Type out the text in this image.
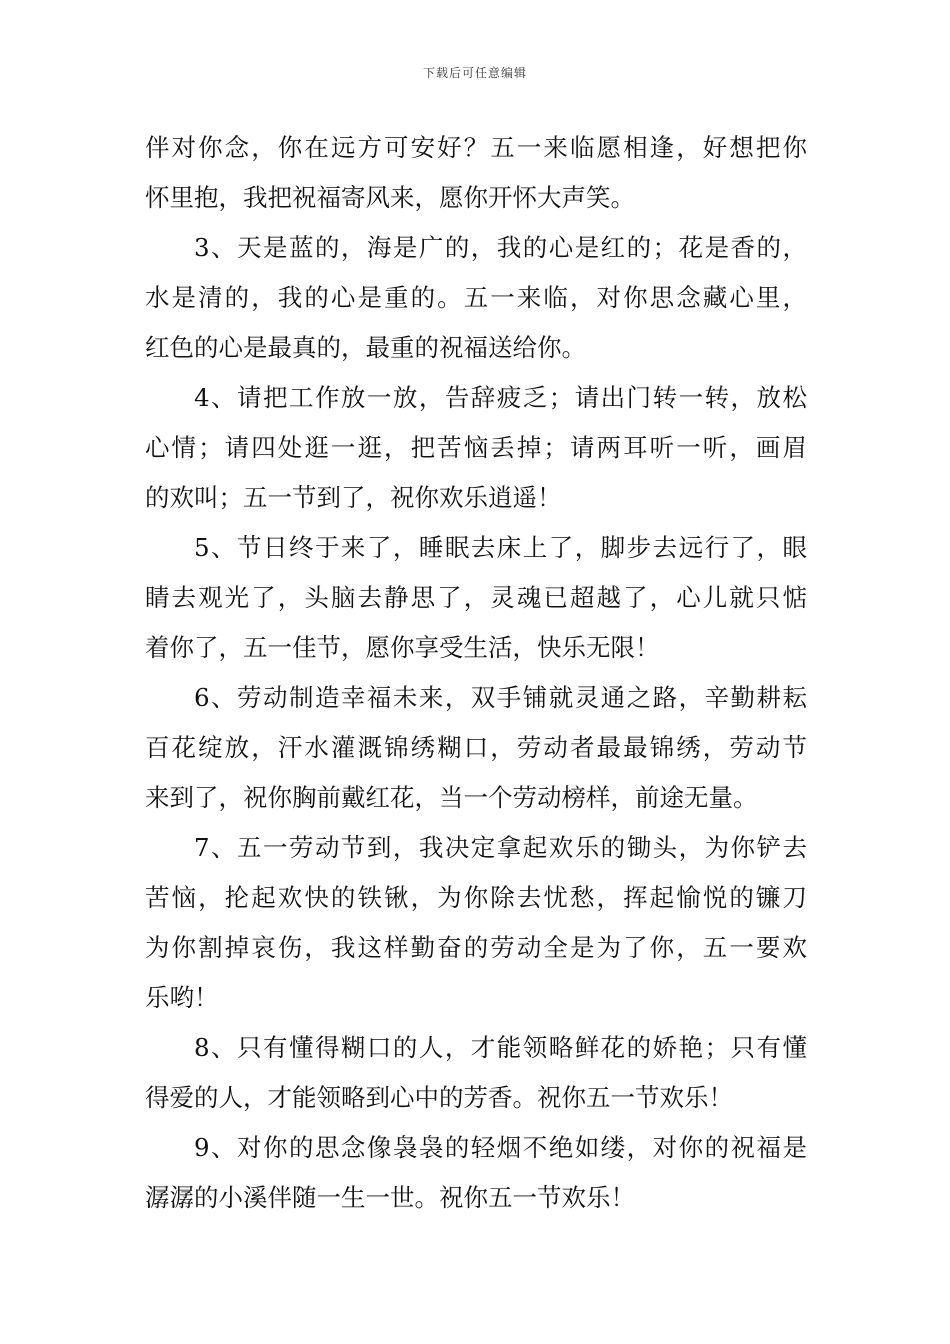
下载后可任意编辑
伴对你念，你在远方可安好？五一来临愿相逢，好想把你
怀里抱，我把祝福寄风来，愿你开怀大声笑。
3、天是蓝的，海是广的，我的心是红的；花是香的，
水是清的，我的心是重的。五一来临，对你思念藏心里，
红色的心是最真的，最重的祝福送给你。
4、请把工作放一放，告辞疲乏；请出门转一转，放松
心情；请四处逛一逛，把苦恼丢掉；请两耳听一听，画眉
的欢叫；五一节到了，祝你欢乐逍遥！
5、节日终于来了，睡眠去床上了，脚步去远行了，眼
睛去观光了，头脑去静思了，灵魂已超越了，心儿就只惦
着你了，五一佳节，愿你享受生活，快乐无限！
6、劳动制造幸福未来，双手铺就灵通之路，辛勤耕耘
百花绽放，汗水灌溉锦绣糊口，劳动者最最锦绣，劳动节
来到了，祝你胸前戴红花，当一个劳动榜样，前途无量。
7、五一劳动节到，我决定拿起欢乐的锄头，为你铲去
苦恼，抡起欢快的铁锹，为你除去忧愁，挥起愉悦的镰刀
为你割掉哀伤，我这样勤奋的劳动全是为了你，五一要欢
乐哟！
8、只有懂得糊口的人，才能领略鲜花的娇艳；只有懂
得爱的人，才能领略到心中的芳香。祝你五一节欢乐！
9、对你的思念像袅袅的轻烟不绝如缕，对你的祝福是
潺潺的小溪伴随一生一世。祝你五一节欢乐！
